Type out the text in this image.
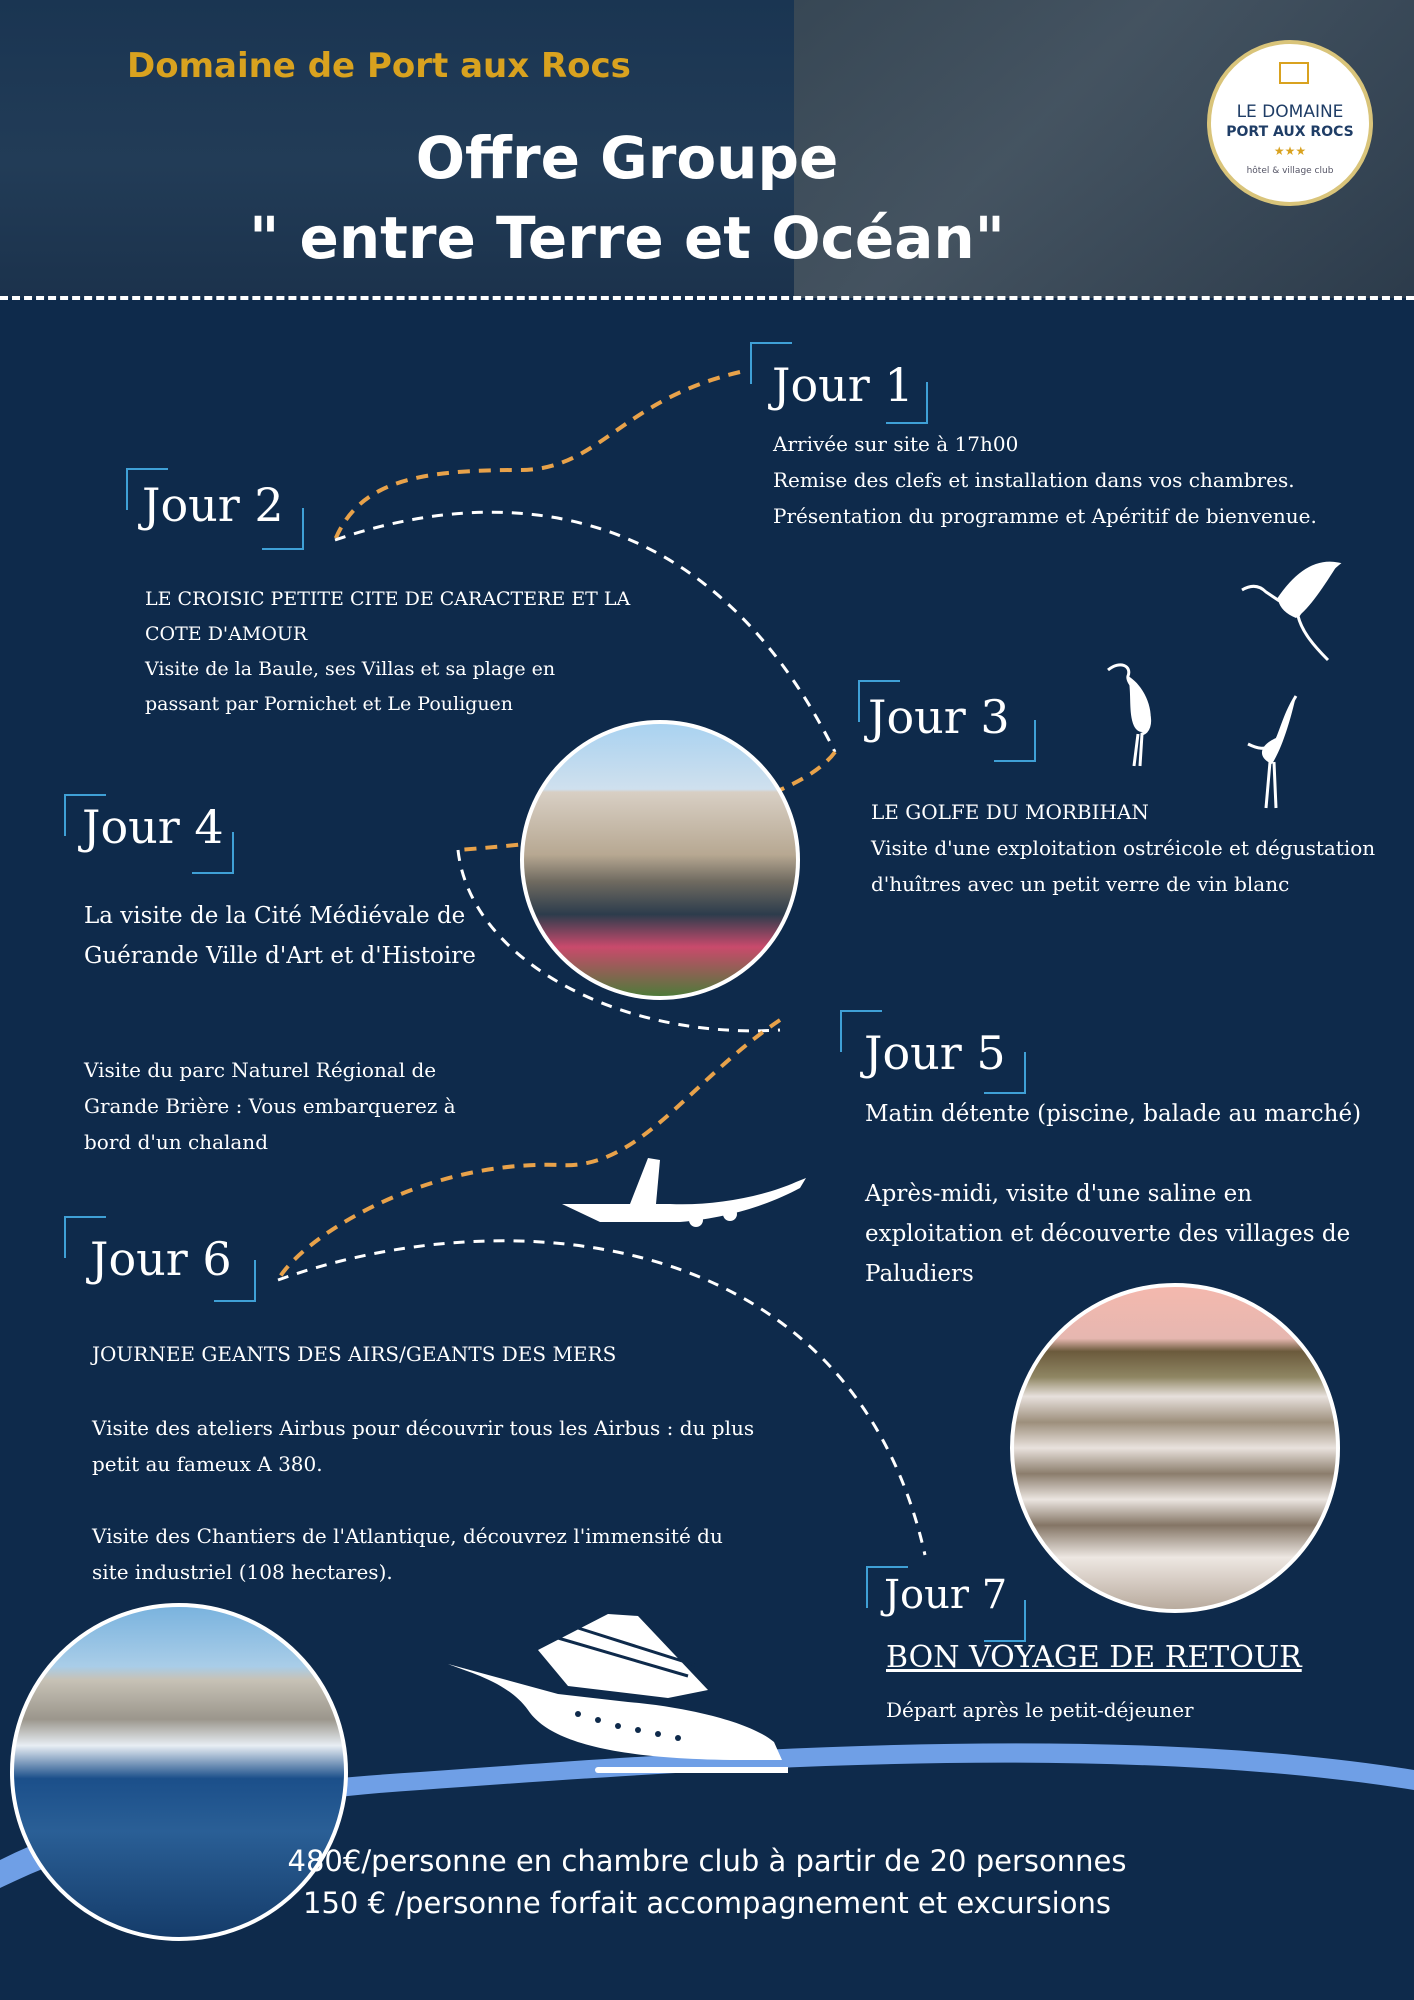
Domaine de Port aux Rocs
Offre Groupe
" entre Terre et Océan"
LE DOMAINE
PORT AUX ROCS
★★★
hôtel & village club
Jour 1
Arrivée sur site à 17h00
Remise des clefs et installation dans vos chambres.
Présentation du programme et Apéritif de bienvenue.
Jour 2
LE CROISIC PETITE CITE DE CARACTERE ET LA
COTE D'AMOUR
Visite de la Baule, ses Villas et sa plage en
passant par Pornichet et Le Pouliguen	Jour 3
LE GOLFE DU MORBIHAN
Visite d'une exploitation ostréicole et dégustation
d'huîtres avec un petit verre de vin blanc
Jour 4
La visite de la Cité Médiévale de
Guérande Ville d'Art et d'Histoire
Visite du parc Naturel Régional de
Grande Brière : Vous embarquerez à
bord d'un chaland
Jour 5
Matin détente (piscine, balade au marché)
Après-midi, visite d'une saline en
exploitation et découverte des villages de
Paludiers
Jour 6
JOURNEE GEANTS DES AIRS/GEANTS DES MERS
Visite des ateliers Airbus pour découvrir tous les Airbus : du plus
petit au fameux A 380.
Visite des Chantiers de l'Atlantique, découvrez l'immensité du
site industriel (108 hectares).	Jour 7
BON VOYAGE DE RETOUR
Départ après le petit-déjeuner
480€/personne en chambre club à partir de 20 personnes
150 € /personne forfait accompagnement et excursions
